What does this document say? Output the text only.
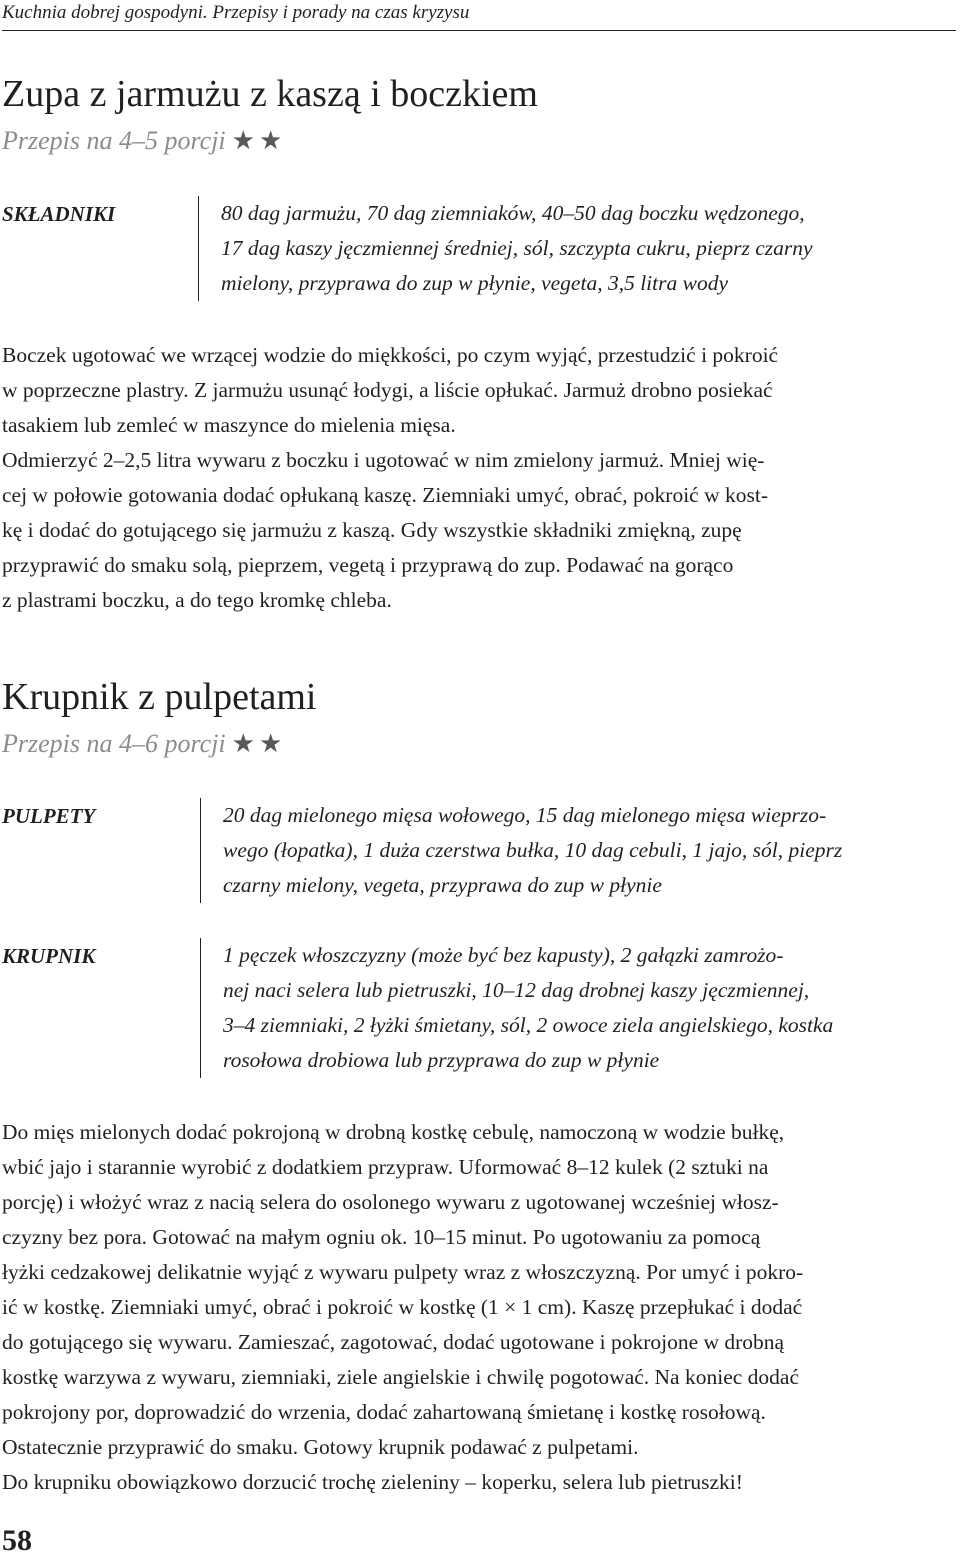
Kuchnia dobrej gospodyni. Przepisy i porady na czas kryzysu
Zupa z jarmużu z kaszą i boczkiem
Przepis na 4–5 porcji ★★
SKŁADNIKI	80 dag jarmużu, 70 dag ziemniaków, 40–50 dag boczku wędzonego,
17 dag kaszy jęczmiennej średniej, sól, szczypta cukru, pieprz czarny
mielony, przyprawa do zup w płynie, vegeta, 3,5 litra wody
Boczek ugotować we wrzącej wodzie do miękkości, po czym wyjąć, przestudzić i pokroić
w poprzeczne plastry. Z jarmużu usunąć łodygi, a liście opłukać. Jarmuż drobno posiekać
tasakiem lub zemleć w maszynce do mielenia mięsa.
Odmierzyć 2–2,5 litra wywaru z boczku i ugotować w nim zmielony jarmuż. Mniej wię-
cej w połowie gotowania dodać opłukaną kaszę. Ziemniaki umyć, obrać, pokroić w kost-
kę i dodać do gotującego się jarmużu z kaszą. Gdy wszystkie składniki zmiękną, zupę
przyprawić do smaku solą, pieprzem, vegetą i przyprawą do zup. Podawać na gorąco
z plastrami boczku, a do tego kromkę chleba.
Krupnik z pulpetami
Przepis na 4–6 porcji ★★
PULPETY	20 dag mielonego mięsa wołowego, 15 dag mielonego mięsa wieprzo-
wego (łopatka), 1 duża czerstwa bułka, 10 dag cebuli, 1 jajo, sól, pieprz
czarny mielony, vegeta, przyprawa do zup w płynie
KRUPNIK	1 pęczek włoszczyzny (może być bez kapusty), 2 gałązki zamrożo-
nej naci selera lub pietruszki, 10–12 dag drobnej kaszy jęczmiennej,
3–4 ziemniaki, 2 łyżki śmietany, sól, 2 owoce ziela angielskiego, kostka
rosołowa drobiowa lub przyprawa do zup w płynie
Do mięs mielonych dodać pokrojoną w drobną kostkę cebulę, namoczoną w wodzie bułkę,
wbić jajo i starannie wyrobić z dodatkiem przypraw. Uformować 8–12 kulek (2 sztuki na
porcję) i włożyć wraz z nacią selera do osolonego wywaru z ugotowanej wcześniej włosz-
czyzny bez pora. Gotować na małym ogniu ok. 10–15 minut. Po ugotowaniu za pomocą
łyżki cedzakowej delikatnie wyjąć z wywaru pulpety wraz z włoszczyzną. Por umyć i pokro-
ić w kostkę. Ziemniaki umyć, obrać i pokroić w kostkę (1 × 1 cm). Kaszę przepłukać i dodać
do gotującego się wywaru. Zamieszać, zagotować, dodać ugotowane i pokrojone w drobną
kostkę warzywa z wywaru, ziemniaki, ziele angielskie i chwilę pogotować. Na koniec dodać
pokrojony por, doprowadzić do wrzenia, dodać zahartowaną śmietanę i kostkę rosołową.
Ostatecznie przyprawić do smaku. Gotowy krupnik podawać z pulpetami.
Do krupniku obowiązkowo dorzucić trochę zieleniny – koperku, selera lub pietruszki!
58
